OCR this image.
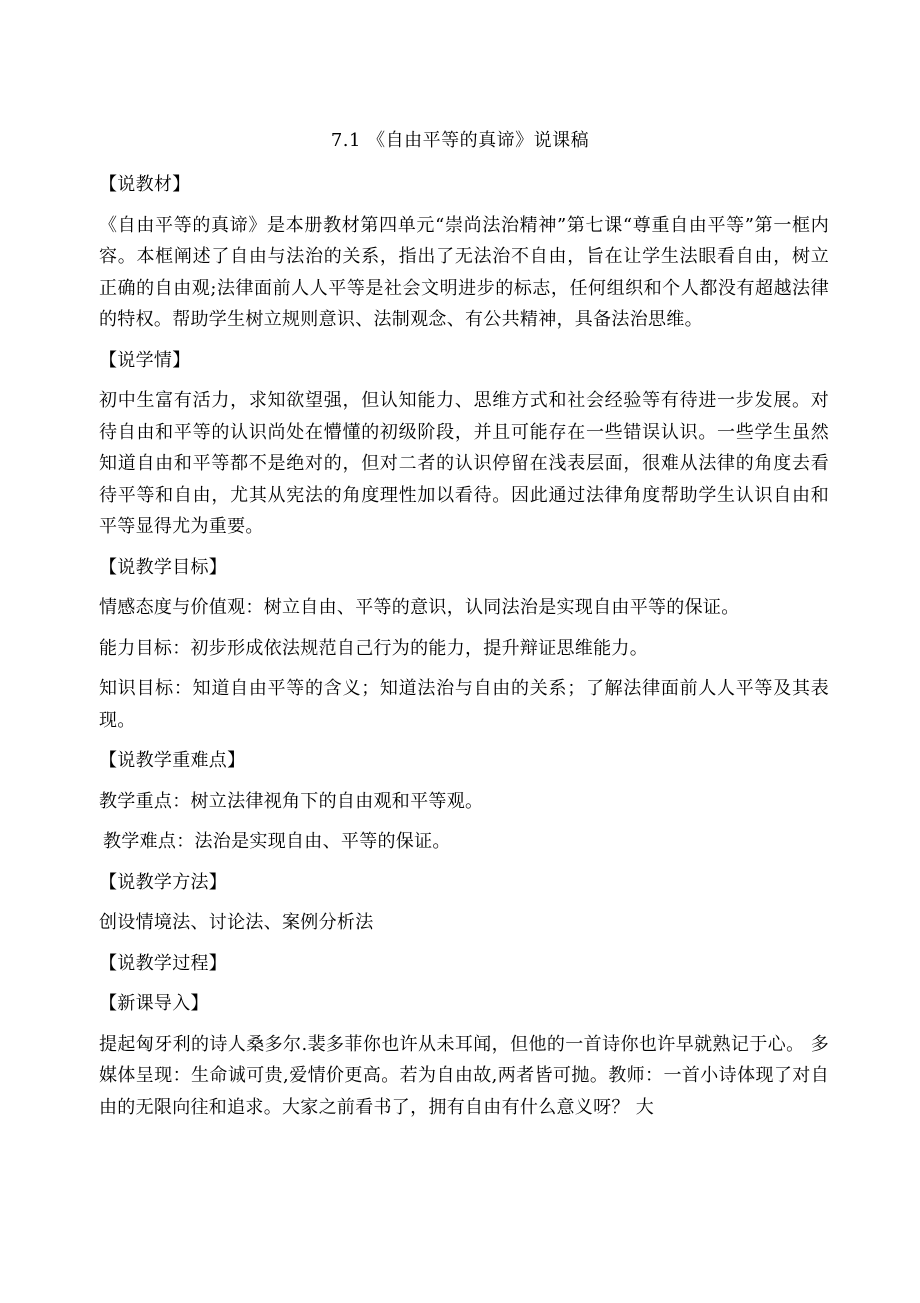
7.1 《自由平等的真谛》说课稿

【说教材】

《自由平等的真谛》是本册教材第四单元“崇尚法治精神”第七课“尊重自由平等”第一框内容。本框阐述了自由与法治的关系，指出了无法治不自由，旨在让学生法眼看自由，树立正确的自由观;法律面前人人平等是社会文明进步的标志，任何组织和个人都没有超越法律的特权。帮助学生树立规则意识、法制观念、有公共精神，具备法治思维。

【说学情】

初中生富有活力，求知欲望强，但认知能力、思维方式和社会经验等有待进一步发展。对待自由和平等的认识尚处在懵懂的初级阶段，并且可能存在一些错误认识。一些学生虽然知道自由和平等都不是绝对的，但对二者的认识停留在浅表层面，很难从法律的角度去看待平等和自由，尤其从宪法的角度理性加以看待。因此通过法律角度帮助学生认识自由和平等显得尤为重要。

【说教学目标】

情感态度与价值观：树立自由、平等的意识，认同法治是实现自由平等的保证。

能力目标：初步形成依法规范自己行为的能力，提升辩证思维能力。

知识目标：知道自由平等的含义；知道法治与自由的关系；了解法律面前人人平等及其表现。

【说教学重难点】

教学重点：树立法律视角下的自由观和平等观。

教学难点：法治是实现自由、平等的保证。

【说教学方法】

创设情境法、讨论法、案例分析法

【说教学过程】

【新课导入】

提起匈牙利的诗人桑多尔.裴多菲你也许从未耳闻，但他的一首诗你也许早就熟记于心。 多媒体呈现：生命诚可贵,爱情价更高。若为自由故,两者皆可抛。教师：一首小诗体现了对自由的无限向往和追求。大家之前看书了，拥有自由有什么意义呀？ 大
